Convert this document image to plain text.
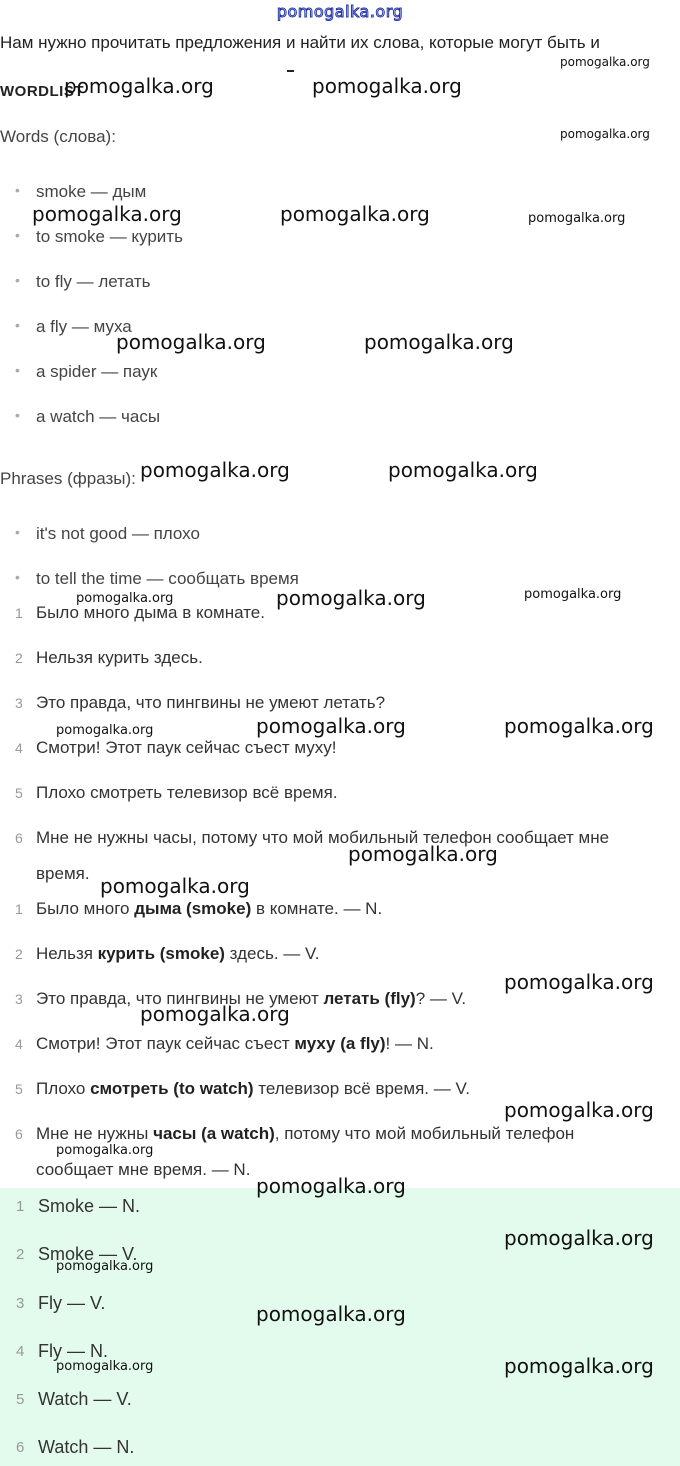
pomogalka.org
Нам нужно прочитать предложения и найти их слова, которые могут быть и
WORDLIST
Words (слова):
smoke — дым
to smoke — курить
to fly — летать
a fly — муха
a spider — паук
a watch — часы
Phrases (фразы):
it's not good — плохо
to tell the time — сообщать время
1 Было много дыма в комнате.
2 Нельзя курить здесь.
3 Это правда, что пингвины не умеют летать?
4 Смотри! Этот паук сейчас съест муху!
5 Плохо смотреть телевизор всё время.
6 Мне не нужны часы, потому что мой мобильный телефон сообщает мне время.
1 Было много дыма (smoke) в комнате. — N.
2 Нельзя курить (smoke) здесь. — V.
3 Это правда, что пингвины не умеют летать (fly)? — V.
4 Смотри! Этот паук сейчас съест муху (a fly)! — N.
5 Плохо смотреть (to watch) телевизор всё время. — V.
6 Мне не нужны часы (a watch), потому что мой мобильный телефон сообщает мне время. — N.
1 Smoke — N.
2 Smoke — V.
3 Fly — V.
4 Fly — N.
5 Watch — V.
6 Watch — N.
pomogalka.org	pomogalka.org
pomogalka.org
pomogalka.org
pomogalka.org	pomogalka.org	pomogalka.org
pomogalka.org	pomogalka.org
pomogalka.org	pomogalka.org
pomogalka.org	pomogalka.org	pomogalka.org
pomogalka.org	pomogalka.org	pomogalka.org
pomogalka.org
pomogalka.org
pomogalka.org
pomogalka.org
pomogalka.org
pomogalka.org
pomogalka.org
pomogalka.org
pomogalka.org
pomogalka.org
pomogalka.org
pomogalka.org
